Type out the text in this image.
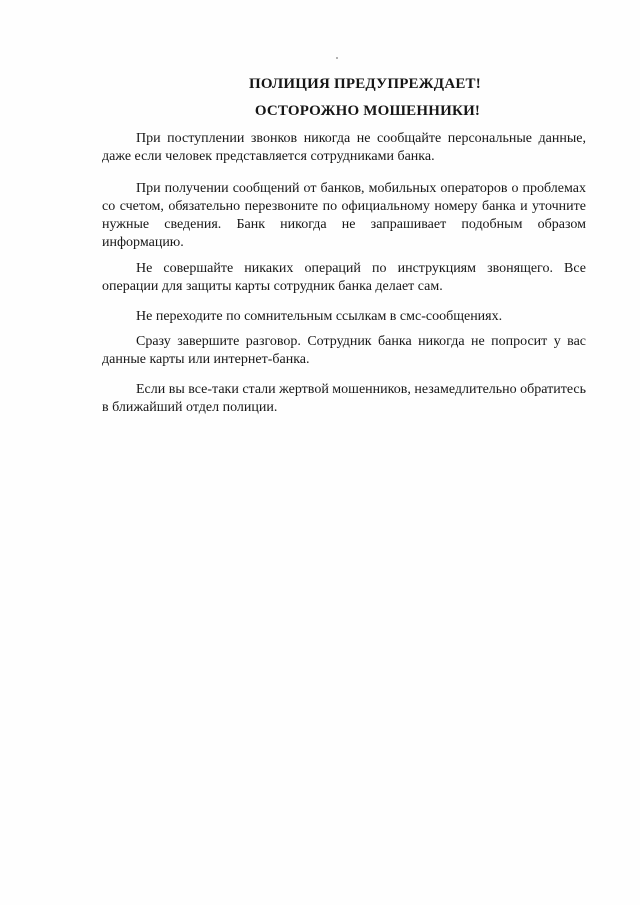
ПОЛИЦИЯ ПРЕДУПРЕЖДАЕТ!
ОСТОРОЖНО МОШЕННИКИ!

При поступлении звонков никогда не сообщайте персональные данные, даже если человек представляется сотрудниками банка.

При получении сообщений от банков, мобильных операторов о проблемах со счетом, обязательно перезвоните по официальному номеру банка и уточните нужные сведения. Банк никогда не запрашивает подобным образом информацию.

Не совершайте никаких операций по инструкциям звонящего. Все операции для защиты карты сотрудник банка делает сам.

Не переходите по сомнительным ссылкам в смс-сообщениях.

Сразу завершите разговор. Сотрудник банка никогда не попросит у вас данные карты или интернет-банка.

Если вы все-таки стали жертвой мошенников, незамедлительно обратитесь в ближайший отдел полиции.
